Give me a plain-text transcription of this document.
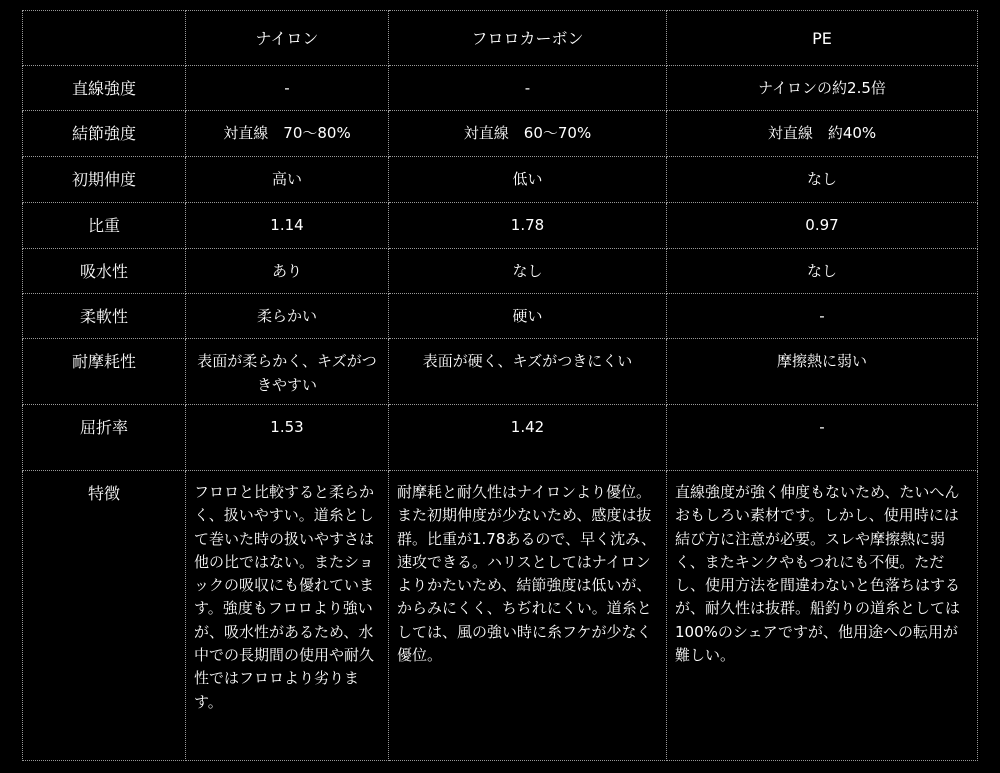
	ナイロン	フロロカーボン	PE
直線強度	-	-	ナイロンの約2.5倍
結節強度	対直線　70～80%	対直線　60～70%	対直線　約40%
初期伸度	高い	低い	なし
比重	1.14	1.78	0.97
吸水性	あり	なし	なし
柔軟性	柔らかい	硬い	-
耐摩耗性	表面が柔らかく、キズがつきやすい	表面が硬く、キズがつきにくい	摩擦熱に弱い
屈折率	1.53	1.42	-
特徴	フロロと比較すると柔らかく、扱いやすい。道糸として巻いた時の扱いやすさは他の比ではない。またショックの吸収にも優れています。強度もフロロより強いが、吸水性があるため、水中での長期間の使用や耐久性ではフロロより劣ります。	耐摩耗と耐久性はナイロンより優位。また初期伸度が少ないため、感度は抜群。比重が1.78あるので、早く沈み、速攻できる。ハリスとしてはナイロンよりかたいため、結節強度は低いが、からみにくく、ちぢれにくい。道糸としては、風の強い時に糸フケが少なく優位。	直線強度が強く伸度もないため、たいへんおもしろい素材です。しかし、使用時には結び方に注意が必要。スレや摩擦熱に弱く、またキンクやもつれにも不便。ただし、使用方法を間違わないと色落ちはするが、耐久性は抜群。船釣りの道糸としては100%のシェアですが、他用途への転用が難しい。
